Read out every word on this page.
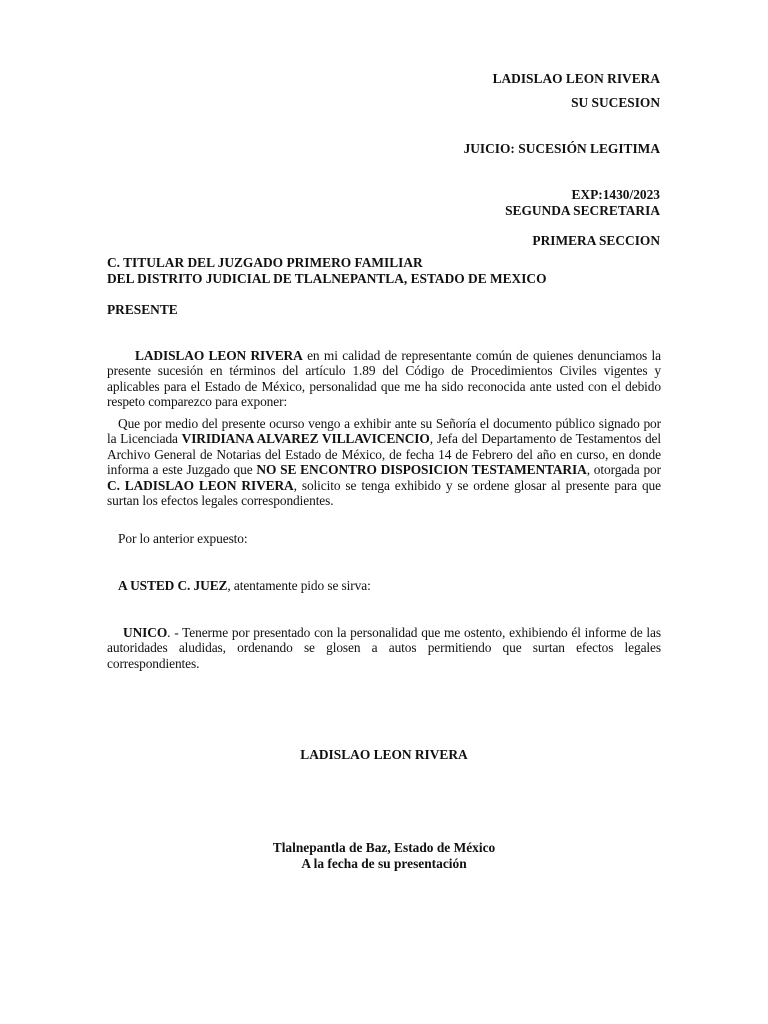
LADISLAO LEON RIVERA
SU SUCESION
JUICIO: SUCESIÓN LEGITIMA
EXP:1430/2023
SEGUNDA SECRETARIA
PRIMERA SECCION
C. TITULAR DEL JUZGADO PRIMERO FAMILIAR
DEL DISTRITO JUDICIAL DE TLALNEPANTLA, ESTADO DE MEXICO
PRESENTE
LADISLAO LEON RIVERA en mi calidad de representante común de quienes denunciamos la presente sucesión en términos del artículo 1.89 del Código de Procedimientos Civiles vigentes y aplicables para el Estado de México, personalidad que me ha sido reconocida ante usted con el debido respeto comparezco para exponer:
Que por medio del presente ocurso vengo a exhibir ante su Señoría el documento público signado por la Licenciada VIRIDIANA ALVAREZ VILLAVICENCIO, Jefa del Departamento de Testamentos del Archivo General de Notarias del Estado de México, de fecha 14 de Febrero del año en curso, en donde informa a este Juzgado que NO SE ENCONTRO DISPOSICION TESTAMENTARIA, otorgada por C. LADISLAO LEON RIVERA, solicito se tenga exhibido y se ordene glosar al presente para que surtan los efectos legales correspondientes.
Por lo anterior expuesto:
A USTED C. JUEZ, atentamente pido se sirva:
UNICO. - Tenerme por presentado con la personalidad que me ostento, exhibiendo él informe de las autoridades aludidas, ordenando se glosen a autos permitiendo que surtan efectos legales correspondientes.
LADISLAO LEON RIVERA
Tlalnepantla de Baz, Estado de México
A la fecha de su presentación
